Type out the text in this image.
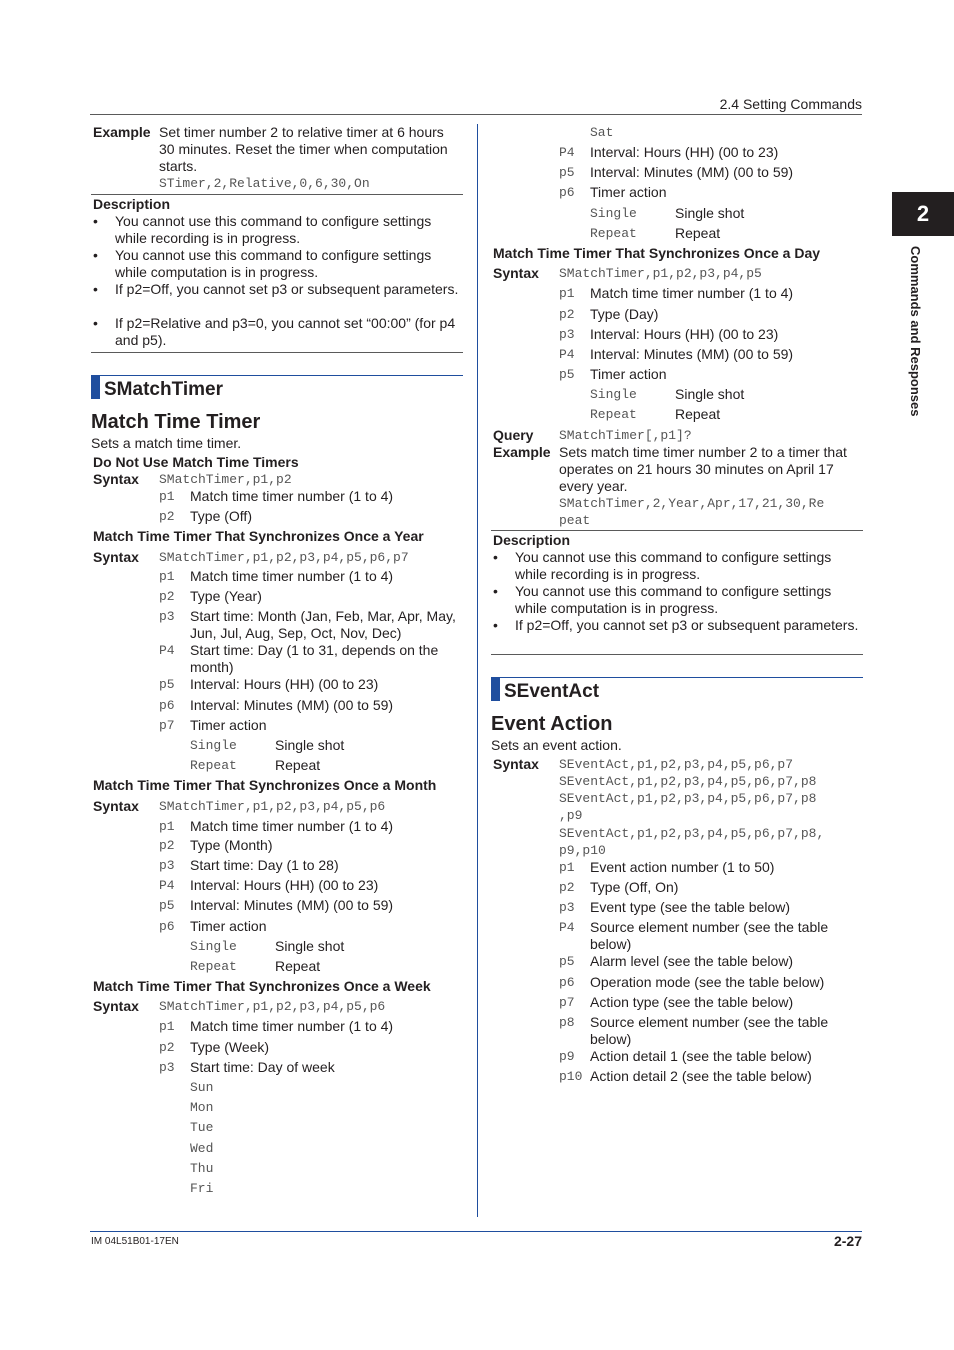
2.4 Setting Commands
2
Commands and Responses
Example Set timer number 2 to relative timer at 6 hours
30 minutes. Reset the timer when computation
starts.
STimer,2,Relative,0,6,30,On
Description
• You cannot use this command to configure settings while recording is in progress.
• You cannot use this command to configure settings while computation is in progress.
• If p2=Off, you cannot set p3 or subsequent parameters.
• If p2=Relative and p3=0, you cannot set “00:00” (for p4 and p5).
SMatchTimer
Match Time Timer
Sets a match time timer.
Do Not Use Match Time Timers
Syntax SMatchTimer,p1,p2
p1 Match time timer number (1 to 4)
p2 Type (Off)
Match Time Timer That Synchronizes Once a Year
Syntax SMatchTimer,p1,p2,p3,p4,p5,p6,p7
p1 Match time timer number (1 to 4)
p2 Type (Year)
p3 Start time: Month (Jan, Feb, Mar, Apr, May,
Jun, Jul, Aug, Sep, Oct, Nov, Dec)
P4 Start time: Day (1 to 31, depends on the
month)
p5 Interval: Hours (HH) (00 to 23)
p6 Interval: Minutes (MM) (00 to 59)
p7 Timer action
Single	Single shot
Repeat	Repeat
Match Time Timer That Synchronizes Once a Month
Syntax SMatchTimer,p1,p2,p3,p4,p5,p6
p1 Match time timer number (1 to 4)
p2 Type (Month)
p3 Start time: Day (1 to 28)
P4 Interval: Hours (HH) (00 to 23)
p5 Interval: Minutes (MM) (00 to 59)
p6 Timer action
Single	Single shot
Repeat	Repeat
Match Time Timer That Synchronizes Once a Week
Syntax SMatchTimer,p1,p2,p3,p4,p5,p6
p1 Match time timer number (1 to 4)
p2 Type (Week)
p3 Start time: Day of week
Sun
Mon
Tue
Wed
Thu
Fri
Sat
P4 Interval: Hours (HH) (00 to 23)
p5 Interval: Minutes (MM) (00 to 59)
p6 Timer action
Single	Single shot
Repeat	Repeat
Match Time Timer That Synchronizes Once a Day
Syntax SMatchTimer,p1,p2,p3,p4,p5
p1 Match time timer number (1 to 4)
p2 Type (Day)
p3 Interval: Hours (HH) (00 to 23)
P4 Interval: Minutes (MM) (00 to 59)
p5 Timer action
Single	Single shot
Repeat	Repeat
Query SMatchTimer[,p1]?
Example Sets match time timer number 2 to a timer that
operates on 21 hours 30 minutes on April 17
every year.
SMatchTimer,2,Year,Apr,17,21,30,Re
peat
Description
• You cannot use this command to configure settings while recording is in progress.
• You cannot use this command to configure settings while computation is in progress.
• If p2=Off, you cannot set p3 or subsequent parameters.
SEventAct
Event Action
Sets an event action.
Syntax SEventAct,p1,p2,p3,p4,p5,p6,p7
SEventAct,p1,p2,p3,p4,p5,p6,p7,p8
SEventAct,p1,p2,p3,p4,p5,p6,p7,p8
,p9
SEventAct,p1,p2,p3,p4,p5,p6,p7,p8,
p9,p10
p1 Event action number (1 to 50)
p2 Type (Off, On)
p3 Event type (see the table below)
P4 Source element number (see the table
below)
p5 Alarm level (see the table below)
p6 Operation mode (see the table below)
p7 Action type (see the table below)
p8 Source element number (see the table
below)
p9 Action detail 1 (see the table below)
p10 Action detail 2 (see the table below)
IM 04L51B01-17EN	2-27
